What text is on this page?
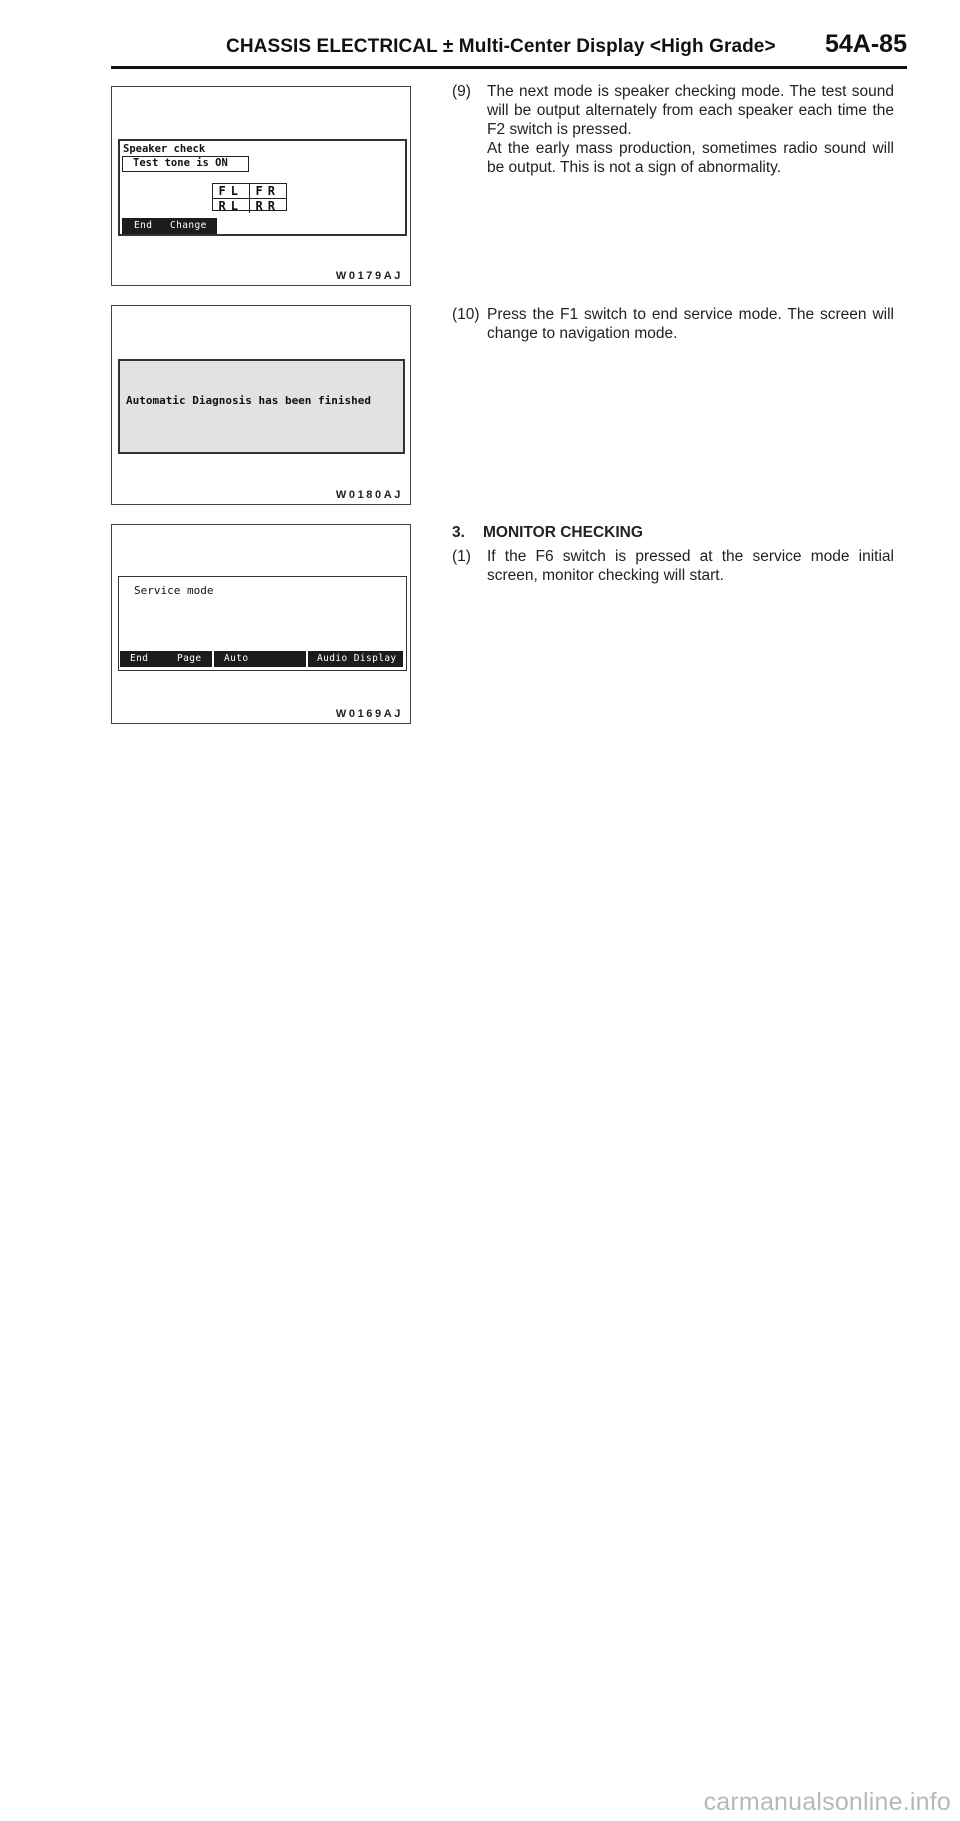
CHASSIS ELECTRICAL ± Multi-Center Display <High Grade> 54A-85
Speaker check
Test tone is ON
FL	FR
RL	RR
End Change
W0179AJ
Automatic Diagnosis has been finished
W0180AJ
Service mode
End	Page Auto	Audio Display
W0169AJ
(9) The next mode is speaker checking mode. The test sound will be output alternately from each speaker each time the F2 switch is pressed.

At the early mass production, sometimes radio sound will be output. This is not a sign of abnormality.

(10) Press the F1 switch to end service mode. The screen will change to navigation mode.

3. MONITOR CHECKING
(1) If the F6 switch is pressed at the service mode initial screen, monitor checking will start.

carmanualsonline.info
